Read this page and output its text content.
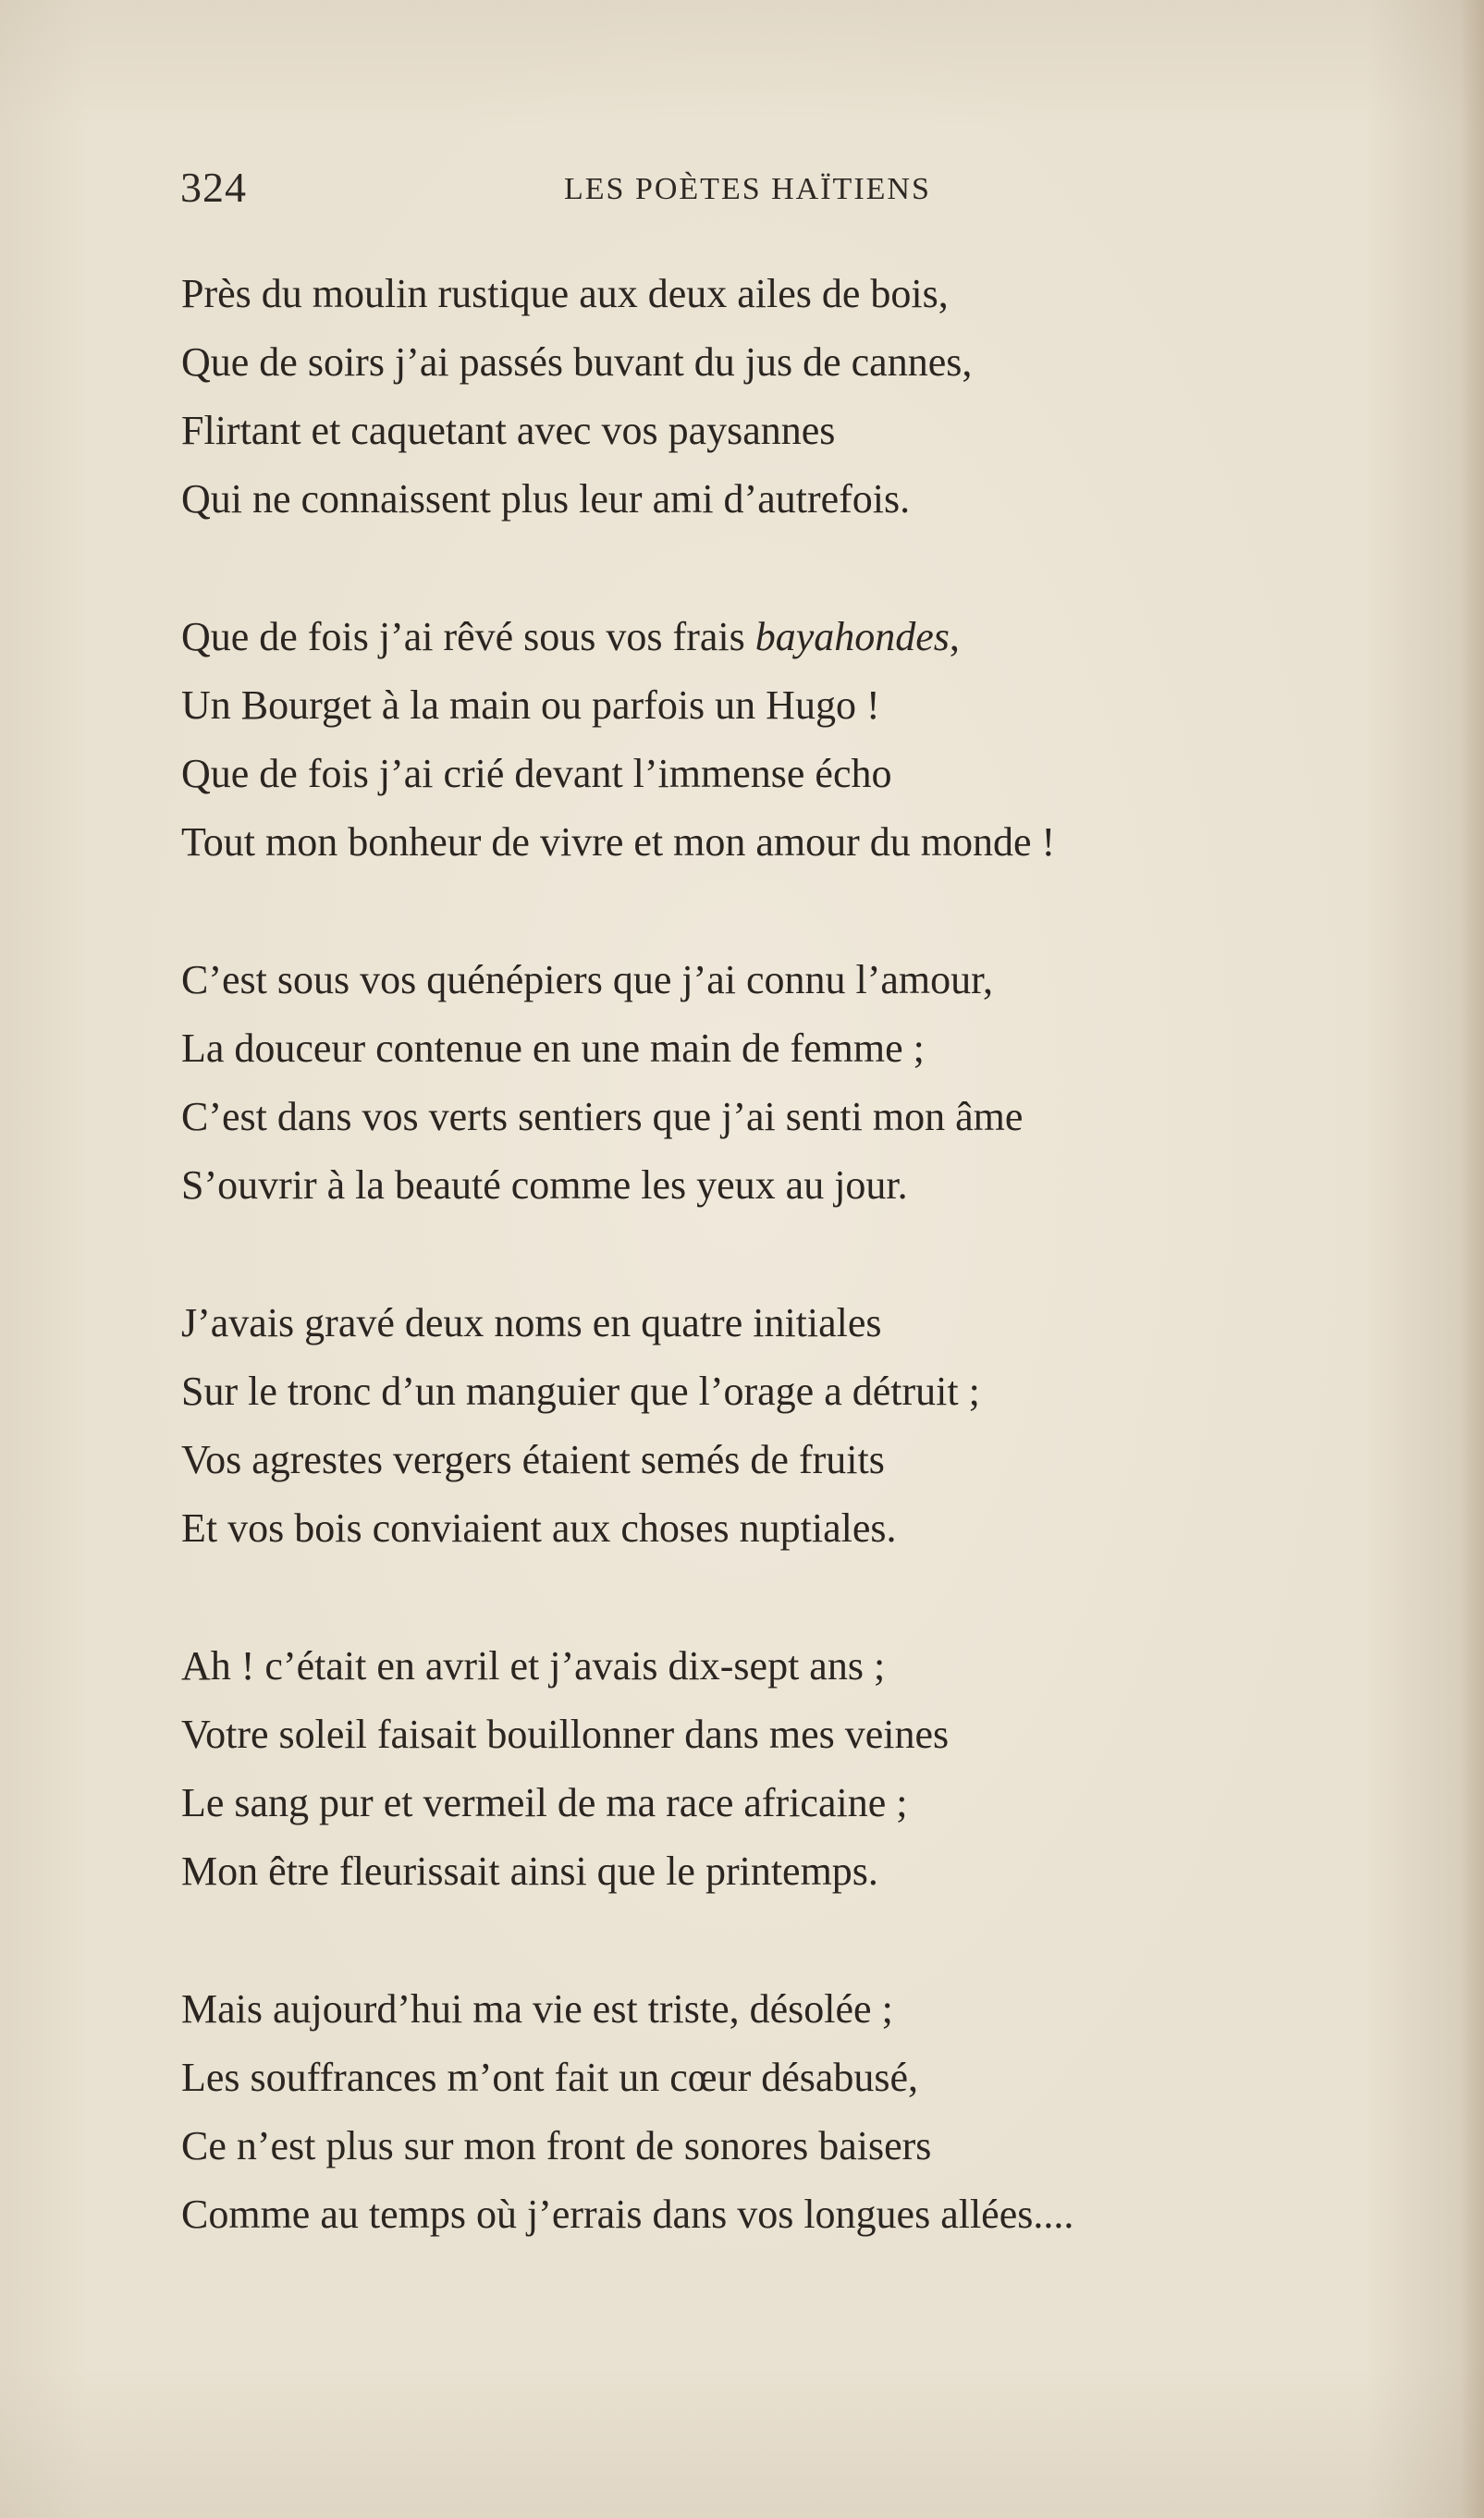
324	LES POÈTES HAÏTIENS
Près du moulin rustique aux deux ailes de bois,
Que de soirs j’ai passés buvant du jus de cannes,
Flirtant et caquetant avec vos paysannes
Qui ne connaissent plus leur ami d’autrefois.
Que de fois j’ai rêvé sous vos frais bayahondes,
Un Bourget à la main ou parfois un Hugo !
Que de fois j’ai crié devant l’immense écho
Tout mon bonheur de vivre et mon amour du monde !
C’est sous vos quénépiers que j’ai connu l’amour,
La douceur contenue en une main de femme ;
C’est dans vos verts sentiers que j’ai senti mon âme
S’ouvrir à la beauté comme les yeux au jour.
J’avais gravé deux noms en quatre initiales
Sur le tronc d’un manguier que l’orage a détruit ;
Vos agrestes vergers étaient semés de fruits
Et vos bois conviaient aux choses nuptiales.
Ah ! c’était en avril et j’avais dix-sept ans ;
Votre soleil faisait bouillonner dans mes veines
Le sang pur et vermeil de ma race africaine ;
Mon être fleurissait ainsi que le printemps.
Mais aujourd’hui ma vie est triste, désolée ;
Les souffrances m’ont fait un cœur désabusé,
Ce n’est plus sur mon front de sonores baisers
Comme au temps où j’errais dans vos longues allées....
